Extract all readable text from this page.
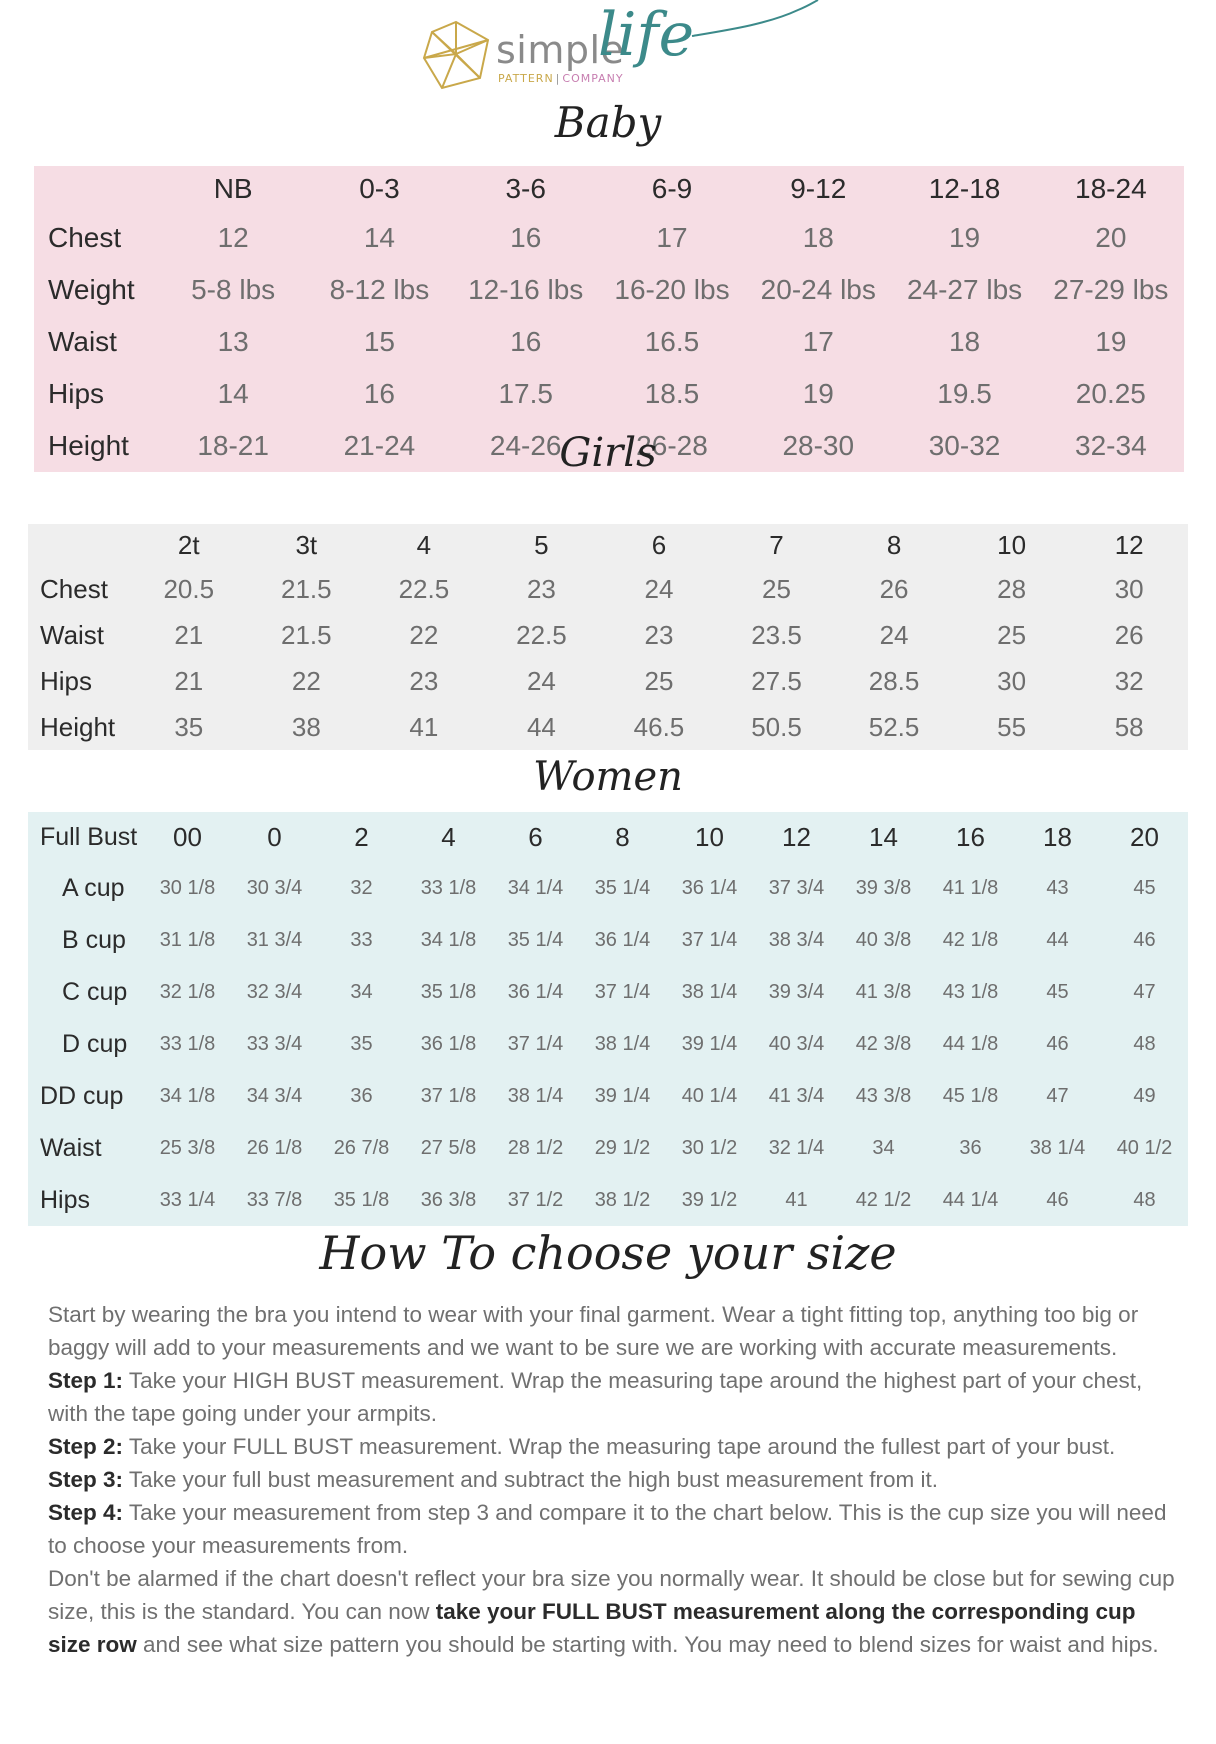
simple
life
PATTERN | COMPANY
Baby
	NB	0-3	3-6	6-9	9-12	12-18	18-24
Chest	12	14	16	17	18	19	20
Weight	5-8 lbs	8-12 lbs	12-16 lbs	16-20 lbs	20-24 lbs	24-27 lbs	27-29 lbs
Waist	13	15	16	16.5	17	18	19
Hips	14	16	17.5	18.5	19	19.5	20.25
Height	18-21	21-24	24-26	26-28	28-30	30-32	32-34
Girls
	2t	3t	4	5	6	7	8	10	12
Chest	20.5	21.5	22.5	23	24	25	26	28	30
Waist	21	21.5	22	22.5	23	23.5	24	25	26
Hips	21	22	23	24	25	27.5	28.5	30	32
Height	35	38	41	44	46.5	50.5	52.5	55	58
Women
Full Bust	00	0	2	4	6	8	10	12	14	16	18	20
A cup	30 1/8	30 3/4	32	33 1/8	34 1/4	35 1/4	36 1/4	37 3/4	39 3/8	41 1/8	43	45
B cup	31 1/8	31 3/4	33	34 1/8	35 1/4	36 1/4	37 1/4	38 3/4	40 3/8	42 1/8	44	46
C cup	32 1/8	32 3/4	34	35 1/8	36 1/4	37 1/4	38 1/4	39 3/4	41 3/8	43 1/8	45	47
D cup	33 1/8	33 3/4	35	36 1/8	37 1/4	38 1/4	39 1/4	40 3/4	42 3/8	44 1/8	46	48
DD cup	34 1/8	34 3/4	36	37 1/8	38 1/4	39 1/4	40 1/4	41 3/4	43 3/8	45 1/8	47	49
Waist	25 3/8	26 1/8	26 7/8	27 5/8	28 1/2	29 1/2	30 1/2	32 1/4	34	36	38 1/4	40 1/2
Hips	33 1/4	33 7/8	35 1/8	36 3/8	37 1/2	38 1/2	39 1/2	41	42 1/2	44 1/4	46	48
How To choose your size

Start by wearing the bra you intend to wear with your final garment. Wear a tight fitting top, anything too big or baggy will add to your measurements and we want to be sure we are working with accurate measurements.

Step 1: Take your HIGH BUST measurement. Wrap the measuring tape around the highest part of your chest, with the tape going under your armpits.

Step 2: Take your FULL BUST measurement. Wrap the measuring tape around the fullest part of your bust.

Step 3: Take your full bust measurement and subtract the high bust measurement from it.

Step 4: Take your measurement from step 3 and compare it to the chart below. This is the cup size you will need to choose your measurements from.

Don't be alarmed if the chart doesn't reflect your bra size you normally wear. It should be close but for sewing cup size, this is the standard. You can now take your FULL BUST measurement along the corresponding cup size row and see what size pattern you should be starting with. You may need to blend sizes for waist and hips.
